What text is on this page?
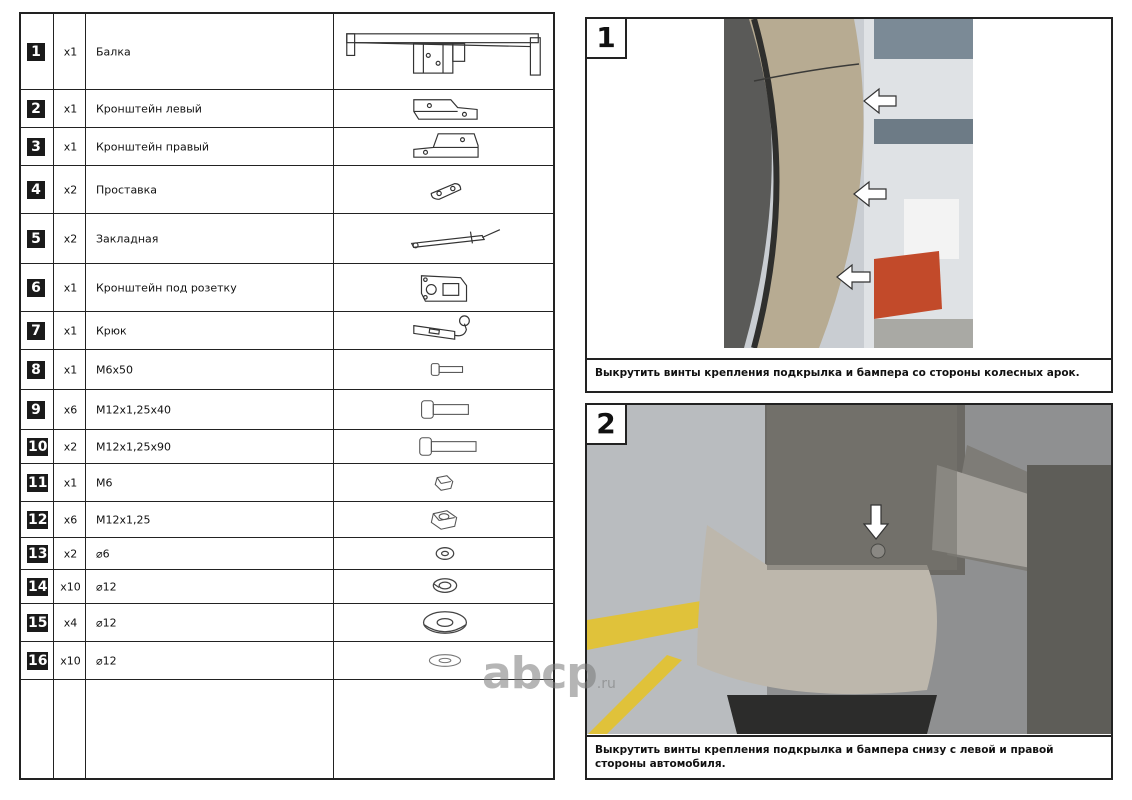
1	x1	Балка
2	x1	Кронштейн левый
3	x1	Кронштейн правый
4	x2	Проставка
5	x2	Закладная
6	x1	Кронштейн под розетку
7	x1	Крюк
8	x1	M6x50
9	x6	M12x1,25x40
10	x2	M12x1,25x90
11	x1	M6
12	x6	M12x1,25
13	x2	⌀6
14	x10	⌀12
15	x4	⌀12
16	x10	⌀12
1
Выкрутить винты крепления подкрылка и бампера со стороны колесных арок.
2
Выкрутить винты крепления подкрылка и бампера снизу с левой и правой стороны автомобиля.
abcp.ru
